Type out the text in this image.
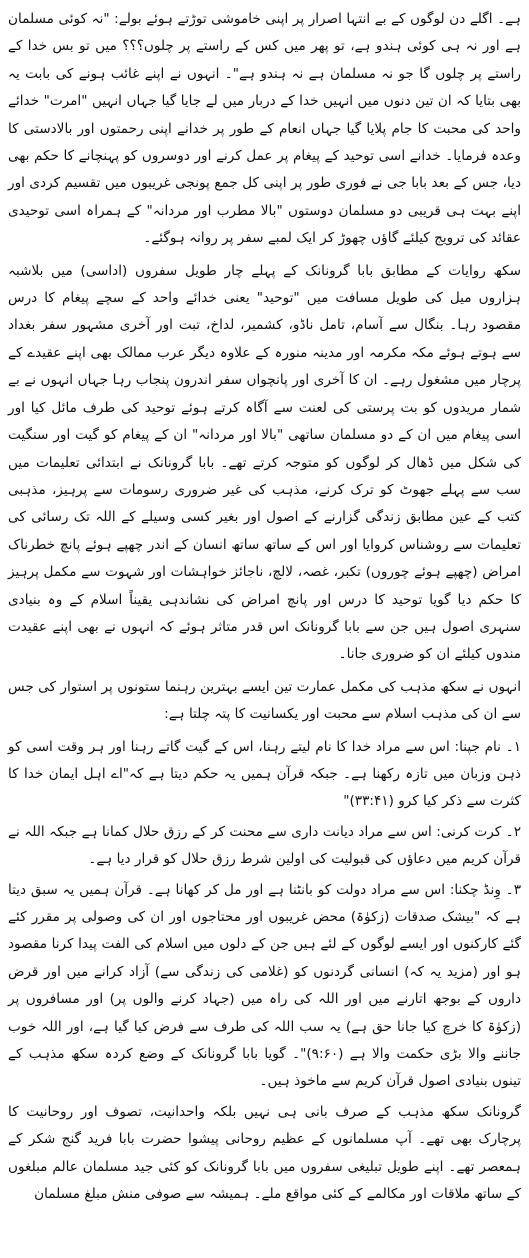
ہے۔ اگلے دن لوگوں کے بے انتہا اصرار پر اپنی خاموشی توڑتے ہوئے بولے: "نہ کوئی مسلمان ہے اور نہ ہی کوئی ہندو ہے، تو پھر میں کس کے راستے پر چلوں؟؟؟ میں تو بس خدا کے راستے پر چلوں گا جو نہ مسلمان ہے نہ ہندو ہے"۔ انہوں نے اپنے غائب ہونے کی بابت یہ بھی بتایا کہ ان تین دنوں میں انہیں خدا کے دربار میں لے جایا گیا جہاں انہیں "امرت" خدائے واحد کی محبت کا جام پلایا گیا جہاں انعام کے طور پر خدانے اپنی رحمتوں اور بالادستی کا وعدہ فرمایا۔ خدانے اسی توحید کے پیغام پر عمل کرنے اور دوسروں کو پہنچانے کا حکم بھی دیا، جس کے بعد بابا جی نے فوری طور پر اپنی کل جمع پونجی غریبوں میں تقسیم کردی اور اپنے بہت ہی قریبی دو مسلمان دوستوں "بالا مطرب اور مردانہ" کے ہمراہ اسی توحیدی عقائد کی ترویج کیلئے گاؤں چھوڑ کر ایک لمبے سفر پر روانہ ہوگئے۔

سکھ روایات کے مطابق بابا گرونانک کے پہلے چار طویل سفروں (اداسی) میں بلاشبہ ہزاروں میل کی طویل مسافت میں "توحید" یعنی خدائے واحد کے سچے پیغام کا درس مقصود رہا۔ بنگال سے آسام، تامل ناڈو، کشمیر، لداخ، تبت اور آخری مشہور سفر بغداد سے ہوتے ہوئے مکہ مکرمہ اور مدینہ منورہ کے علاوہ دیگر عرب ممالک بھی اپنے عقیدے کے پرچار میں مشغول رہے۔ ان کا آخری اور پانچواں سفر اندرون پنجاب رہا جہاں انہوں نے بے شمار مریدوں کو بت پرستی کی لعنت سے آگاہ کرتے ہوئے توحید کی طرف مائل کیا اور اسی پیغام میں ان کے دو مسلمان ساتھی "بالا اور مردانہ" ان کے پیغام کو گیت اور سنگیت کی شکل میں ڈھال کر لوگوں کو متوجہ کرتے تھے۔ بابا گرونانک نے ابتدائی تعلیمات میں سب سے پہلے جھوٹ کو ترک کرنے، مذہب کی غیر ضروری رسومات سے پرہیز، مذہبی کتب کے عین مطابق زندگی گزارنے کے اصول اور بغیر کسی وسیلے کے اللہ تک رسائی کی تعلیمات سے روشناس کروایا اور اس کے ساتھ ساتھ انسان کے اندر چھپے ہوئے پانچ خطرناک امراض (چھپے ہوئے چوروں) تکبر، غصہ، لالچ، ناجائز خواہشات اور شہوت سے مکمل پرہیز کا حکم دیا گویا توحید کا درس اور پانچ امراض کی نشاندہی یقیناً اسلام کے وہ بنیادی سنہری اصول ہیں جن سے بابا گرونانک اس قدر متاثر ہوئے کہ انہوں نے بھی اپنے عقیدت مندوں کیلئے ان کو ضروری جانا۔

انہوں نے سکھ مذہب کی مکمل عمارت تین ایسے بہترین رہنما ستونوں پر استوار کی جس سے ان کی مذہب اسلام سے محبت اور یکسانیت کا پتہ چلتا ہے:

۱۔ نام جپنا: اس سے مراد خدا کا نام لیتے رہنا، اس کے گیت گاتے رہنا اور ہر وقت اسی کو ذہن وزبان میں تازہ رکھنا ہے۔ جبکہ قرآن ہمیں یہ حکم دیتا ہے کہ"اے اہل ایمان خدا کا کثرت سے ذکر کیا کرو (۳۳:۴۱)"

۲۔ کرت کرنی: اس سے مراد دیانت داری سے محنت کر کے رزق حلال کمانا ہے جبکہ اللہ نے قرآن کریم میں دعاؤں کی قبولیت کی اولین شرط رزق حلال کو قرار دیا ہے۔

۳۔ وِنڈ چکنا: اس سے مراد دولت کو بانٹنا ہے اور مل کر کھانا ہے۔ قرآن ہمیں یہ سبق دیتا ہے کہ "بیشک صدقات (زکوٰۃ) محض غریبوں اور محتاجوں اور ان کی وصولی پر مقرر کئے گئے کارکنوں اور ایسے لوگوں کے لئے ہیں جن کے دلوں میں اسلام کی الفت پیدا کرنا مقصود ہو اور (مزید یہ کہ) انسانی گردنوں کو (غلامی کی زندگی سے) آزاد کرانے میں اور قرض داروں کے بوجھ اتارنے میں اور اللہ کی راہ میں (جہاد کرنے والوں پر) اور مسافروں پر (زکوٰۃ کا خرچ کیا جانا حق ہے) یہ سب اللہ کی طرف سے فرض کیا گیا ہے، اور اللہ خوب جاننے والا بڑی حکمت والا ہے (۹:۶۰)"۔ گویا بابا گرونانک کے وضع کردہ سکھ مذہب کے تینوں بنیادی اصول قرآن کریم سے ماخوذ ہیں۔

گرونانک سکھ مذہب کے صرف بانی ہی نہیں بلکہ واحدانیت، تصوف اور روحانیت کا پرچارک بھی تھے۔ آپ مسلمانوں کے عظیم روحانی پیشوا حضرت بابا فرید گنج شکر کے ہمعصر تھے۔ اپنے طویل تبلیغی سفروں میں بابا گرونانک کو کئی جید مسلمان عالم مبلغوں کے ساتھ ملاقات اور مکالمے کے کئی مواقع ملے۔ ہمیشہ سے صوفی منش مبلغ مسلمان
